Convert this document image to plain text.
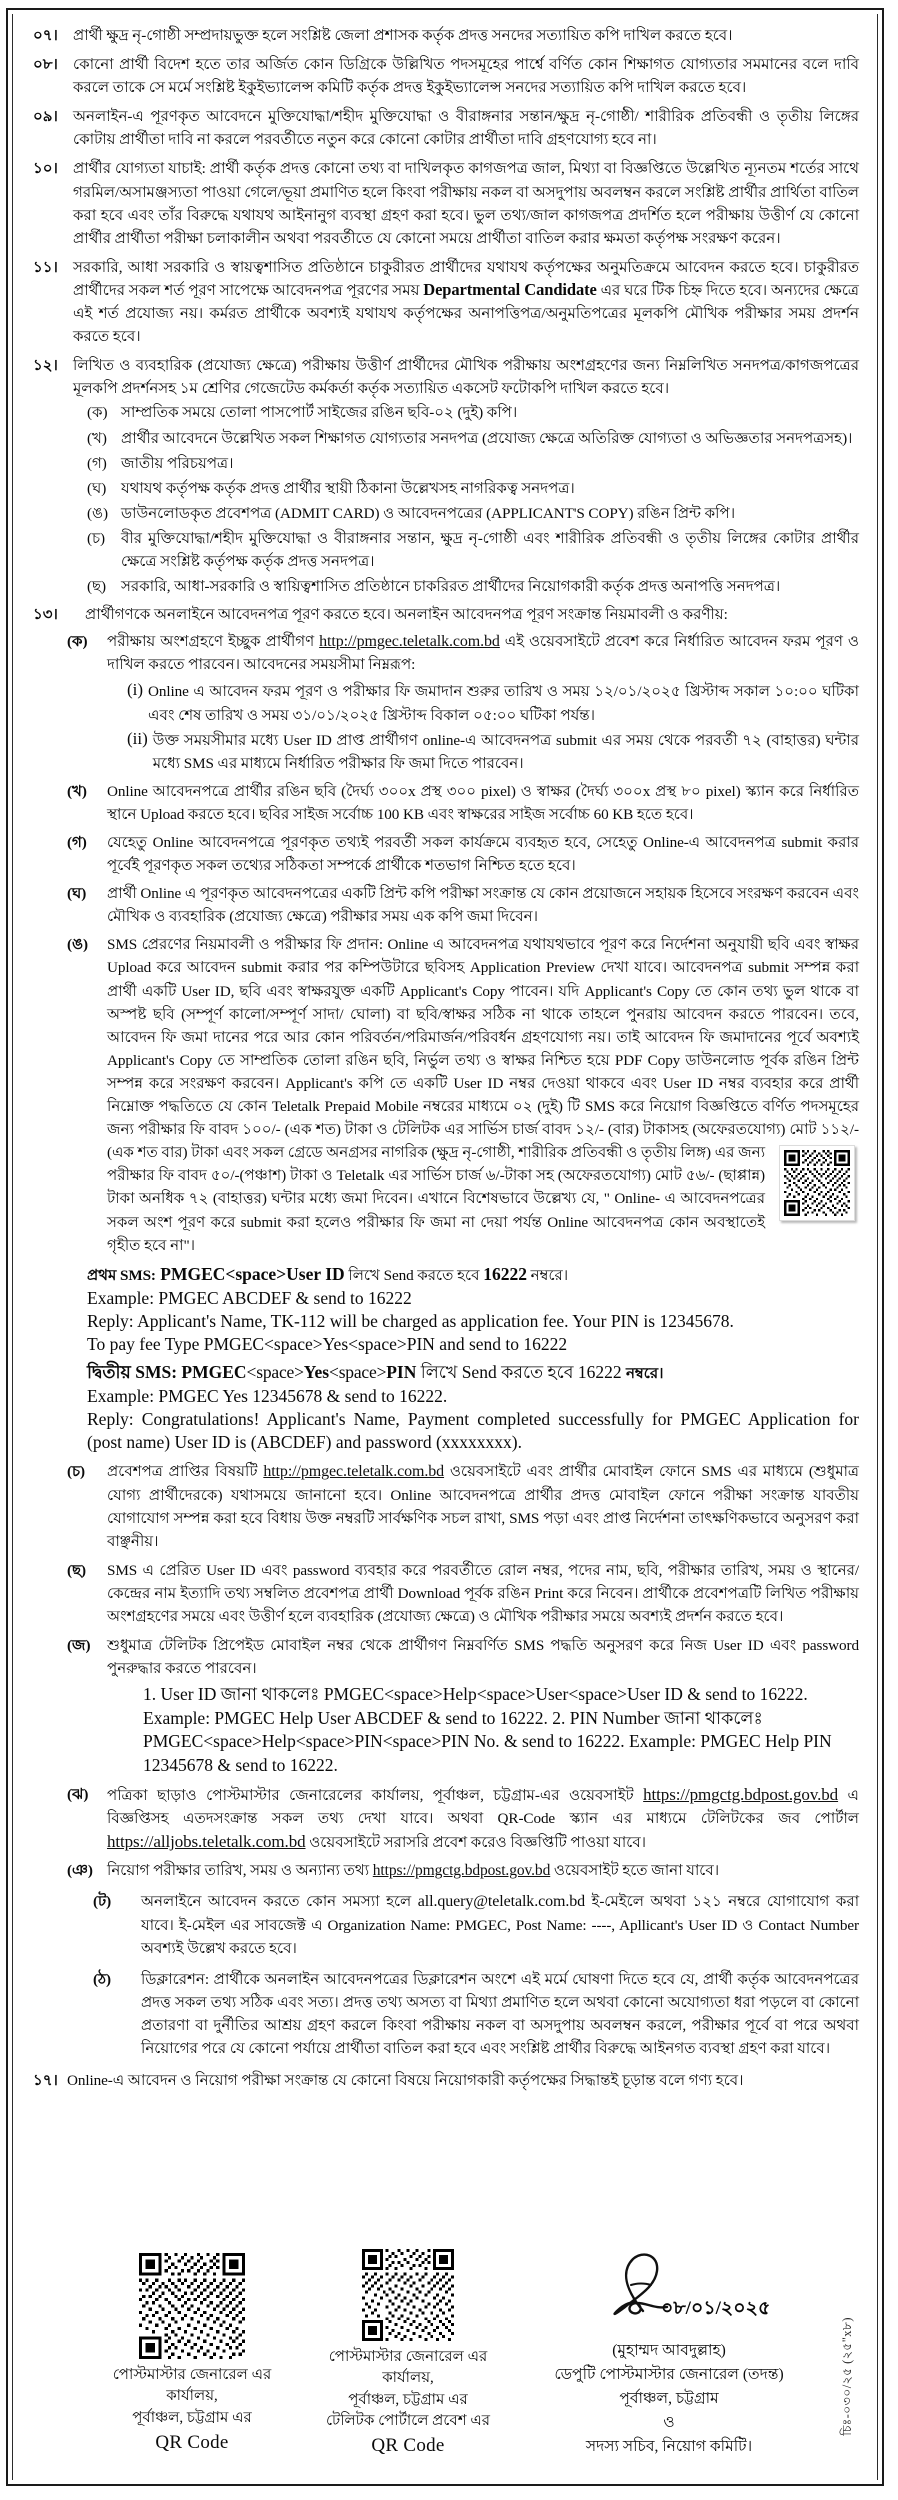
০৭। প্রার্থী ক্ষুদ্র নৃ-গোষ্ঠী সম্প্রদায়ভুক্ত হলে সংশ্লিষ্ট জেলা প্রশাসক কর্তৃক প্রদত্ত সনদের সত্যায়িত কপি দাখিল করতে হবে।
০৮। কোনো প্রার্থী বিদেশ হতে তার অর্জিত কোন ডিগ্রিকে উল্লিখিত পদসমূহের পার্শ্বে বর্ণিত কোন শিক্ষাগত যোগ্যতার সমমানের বলে দাবি করলে তাকে সে মর্মে সংশ্লিষ্ট ইকুইভ্যালেন্স কমিটি কর্তৃক প্রদত্ত ইকুইভ্যালেন্স সনদের সত্যায়িত কপি দাখিল করতে হবে।
০৯। অনলাইন-এ পূরণকৃত আবেদনে মুক্তিযোদ্ধা/শহীদ মুক্তিযোদ্ধা ও বীরাঙ্গনার সন্তান/ক্ষুদ্র নৃ-গোষ্ঠী/ শারীরিক প্রতিবন্ধী ও তৃতীয় লিঙ্গের কোটায় প্রার্থীতা দাবি না করলে পরবর্তীতে নতুন করে কোনো কোটার প্রার্থীতা দাবি গ্রহণযোগ্য হবে না।
১০। প্রার্থীর যোগ্যতা যাচাই: প্রার্থী কর্তৃক প্রদত্ত কোনো তথ্য বা দাখিলকৃত কাগজপত্র জাল, মিথ্যা বা বিজ্ঞপ্তিতে উল্লেখিত ন্যূনতম শর্তের সাথে গরমিল/অসামঞ্জস্যতা পাওয়া গেলে/ভূয়া প্রমাণিত হলে কিংবা পরীক্ষায় নকল বা অসদুপায় অবলম্বন করলে সংশ্লিষ্ট প্রার্থীর প্রার্থিতা বাতিল করা হবে এবং তাঁর বিরুদ্ধে যথাযথ আইনানুগ ব্যবস্থা গ্রহণ করা হবে। ভুল তথ্য/জাল কাগজপত্র প্রদর্শিত হলে পরীক্ষায় উত্তীর্ণ যে কোনো প্রার্থীর প্রার্থীতা পরীক্ষা চলাকালীন অথবা পরবর্তীতে যে কোনো সময়ে প্রার্থীতা বাতিল করার ক্ষমতা কর্তৃপক্ষ সংরক্ষণ করেন।
১১। সরকারি, আধা সরকারি ও স্বায়ত্বশাসিত প্রতিষ্ঠানে চাকুরীরত প্রার্থীদের যথাযথ কর্তৃপক্ষের অনুমতিক্রমে আবেদন করতে হবে। চাকুরীরত প্রার্থীদের সকল শর্ত পূরণ সাপেক্ষে আবেদনপত্র পূরণের সময় Departmental Candidate এর ঘরে টিক চিহ্ন দিতে হবে। অন্যদের ক্ষেত্রে এই শর্ত প্রযোজ্য নয়। কর্মরত প্রার্থীকে অবশ্যই যথাযথ কর্তৃপক্ষের অনাপত্তিপত্র/অনুমতিপত্রের মূলকপি মৌখিক পরীক্ষার সময় প্রদর্শন করতে হবে।
১২। লিখিত ও ব্যবহারিক (প্রযোজ্য ক্ষেত্রে) পরীক্ষায় উত্তীর্ণ প্রার্থীদের মৌখিক পরীক্ষায় অংশগ্রহণের জন্য নিম্নলিখিত সনদপত্র/কাগজপত্রের মূলকপি প্রদর্শনসহ ১ম শ্রেণির গেজেটেড কর্মকর্তা কর্তৃক সত্যায়িত একসেট ফটোকপি দাখিল করতে হবে।
(ক) সাম্প্রতিক সময়ে তোলা পাসপোর্ট সাইজের রঙিন ছবি-০২ (দুই) কপি।
(খ) প্রার্থীর আবেদনে উল্লেখিত সকল শিক্ষাগত যোগ্যতার সনদপত্র (প্রযোজ্য ক্ষেত্রে অতিরিক্ত যোগ্যতা ও অভিজ্ঞতার সনদপত্রসহ)।
(গ) জাতীয় পরিচয়পত্র।
(ঘ) যথাযথ কর্তৃপক্ষ কর্তৃক প্রদত্ত প্রার্থীর স্থায়ী ঠিকানা উল্লেখসহ নাগরিকত্ব সনদপত্র।
(ঙ) ডাউনলোডকৃত প্রবেশপত্র (ADMIT CARD) ও আবেদনপত্রের (APPLICANT'S COPY) রঙিন প্রিন্ট কপি।
(চ)	বীর মুক্তিযোদ্ধা/শহীদ মুক্তিযোদ্ধা ও বীরাঙ্গনার সন্তান, ক্ষুদ্র নৃ-গোষ্ঠী এবং শারীরিক প্রতিবন্ধী ও তৃতীয় লিঙ্গের কোটার প্রার্থীর ক্ষেত্রে সংশ্লিষ্ট কর্তৃপক্ষ কর্তৃক প্রদত্ত সনদপত্র।
(ছ) সরকারি, আধা-সরকারি ও স্বায়িত্বশাসিত প্রতিষ্ঠানে চাকরিরত প্রার্থীদের নিয়োগকারী কর্তৃক প্রদত্ত অনাপত্তি সনদপত্র।
১৩।	প্রার্থীগণকে অনলাইনে আবেদনপত্র পূরণ করতে হবে। অনলাইন আবেদনপত্র পূরণ সংক্রান্ত নিয়মাবলী ও করণীয়:
(ক)	পরীক্ষায় অংশগ্রহণে ইচ্ছুক প্রার্থীগণ http://pmgec.teletalk.com.bd এই ওয়েবসাইটে প্রবেশ করে নির্ধারিত আবেদন ফরম পূরণ ও দাখিল করতে পারবেন। আবেদনের সময়সীমা নিম্নরূপ:
(i) Online এ আবেদন ফরম পূরণ ও পরীক্ষার ফি জমাদান শুরুর তারিখ ও সময় ১২/০১/২০২৫ খ্রিস্টাব্দ সকাল ১০:০০ ঘটিকা এবং শেষ তারিখ ও সময় ৩১/০১/২০২৫ খ্রিস্টাব্দ বিকাল ০৫:০০ ঘটিকা পর্যন্ত।
(ii) উক্ত সময়সীমার মধ্যে User ID প্রাপ্ত প্রার্থীগণ online-এ আবেদনপত্র submit এর সময় থেকে পরবর্তী ৭২ (বাহাত্তর) ঘন্টার মধ্যে SMS এর মাধ্যমে নির্ধারিত পরীক্ষার ফি জমা দিতে পারবেন।
(খ)	Online আবেদনপত্রে প্রার্থীর রঙিন ছবি (দৈর্ঘ্য ৩০০x প্রস্থ ৩০০ pixel) ও স্বাক্ষর (দৈর্ঘ্য ৩০০x প্রস্থ ৮০ pixel) স্ক্যান করে নির্ধারিত স্থানে Upload করতে হবে। ছবির সাইজ সর্বোচ্চ 100 KB এবং স্বাক্ষরের সাইজ সর্বোচ্চ 60 KB হতে হবে।
(গ)	যেহেতু Online আবেদনপত্রে পূরণকৃত তথ্যই পরবর্তী সকল কার্যক্রমে ব্যবহৃত হবে, সেহেতু Online-এ আবেদনপত্র submit করার পূর্বেই পূরণকৃত সকল তথ্যের সঠিকতা সম্পর্কে প্রার্থীকে শতভাগ নিশ্চিত হতে হবে।
(ঘ)	প্রার্থী Online এ পূরণকৃত আবেদনপত্রের একটি প্রিন্ট কপি পরীক্ষা সংক্রান্ত যে কোন প্রয়োজনে সহায়ক হিসেবে সংরক্ষণ করবেন এবং মৌখিক ও ব্যবহারিক (প্রযোজ্য ক্ষেত্রে) পরীক্ষার সময় এক কপি জমা দিবেন।
(ঙ)	SMS প্রেরণের নিয়মাবলী ও পরীক্ষার ফি প্রদান: Online এ আবেদনপত্র যথাযথভাবে পূরণ করে নির্দেশনা অনুযায়ী ছবি এবং স্বাক্ষর Upload করে আবেদন submit করার পর কম্পিউটারে ছবিসহ Application Preview দেখা যাবে। আবেদনপত্র submit সম্পন্ন করা প্রার্থী একটি User ID, ছবি এবং স্বাক্ষরযুক্ত একটি Applicant's Copy পাবেন। যদি Applicant's Copy তে কোন তথ্য ভুল থাকে বা অস্পষ্ট ছবি (সম্পূর্ণ কালো/সম্পূর্ণ সাদা/ ঘোলা) বা ছবি/স্বাক্ষর সঠিক না থাকে তাহলে পুনরায় আবেদন করতে পারবেন। তবে, আবেদন ফি জমা দানের পরে আর কোন পরিবর্তন/পরিমার্জন/পরিবর্ধন গ্রহণযোগ্য নয়। তাই আবেদন ফি জমাদানের পূর্বে অবশ্যই Applicant's Copy তে সাম্প্রতিক তোলা রঙিন ছবি, নির্ভুল তথ্য ও স্বাক্ষর নিশ্চিত হয়ে PDF Copy ডাউনলোড পূর্বক রঙিন প্রিন্ট সম্পন্ন করে সংরক্ষণ করবেন। Applicant's কপি তে একটি User ID নম্বর দেওয়া থাকবে এবং User ID নম্বর ব্যবহার করে প্রার্থী নিম্নোক্ত পদ্ধতিতে যে কোন Teletalk Prepaid Mobile নম্বরের মাধ্যমে ০২ (দুই) টি SMS করে নিয়োগ বিজ্ঞপ্তিতে বর্ণিত পদসমূহের জন্য পরীক্ষার ফি বাবদ ১০০/- (এক শত) টাকা ও টেলিটক এর সার্ভিস চার্জ বাবদ ১২/- (বার) টাকাসহ (অফেরতযোগ্য) মোট ১১২/- (এক শত বার) টাকা এবং সকল গ্রেডে অনগ্রসর নাগরিক (ক্ষুদ্র নৃ-গোষ্ঠী, শারীরিক প্রতিবন্ধী ও তৃতীয় লিঙ্গ) এর জন্য পরীক্ষার ফি বাবদ ৫০/-(পঞ্চাশ) টাকা ও Teletalk এর সার্ভিস চার্জ ৬/-টাকা সহ (অফেরতযোগ্য) মোট ৫৬/- (ছাপ্পান্ন) টাকা অনধিক ৭২ (বাহাত্তর) ঘন্টার মধ্যে জমা দিবেন। এখানে বিশেষভাবে উল্লেখ্য যে, " Online- এ আবেদনপত্রের সকল অংশ পূরণ করে submit করা হলেও পরীক্ষার ফি জমা না দেয়া পর্যন্ত Online আবেদনপত্র কোন অবস্থাতেই গৃহীত হবে না"।
প্রথম SMS: PMGEC<space>User ID লিখে Send করতে হবে 16222 নম্বরে।
Example: PMGEC ABCDEF & send to 16222
Reply: Applicant's Name, TK-112 will be charged as application fee. Your PIN is 12345678.
To pay fee Type PMGEC<space>Yes<space>PIN and send to 16222
দ্বিতীয় SMS: PMGEC<space>Yes<space>PIN লিখে Send করতে হবে 16222 নম্বরে।
Example: PMGEC Yes 12345678 & send to 16222.
Reply: Congratulations! Applicant's Name, Payment completed successfully for PMGEC Application for (post name) User ID is (ABCDEF) and password (xxxxxxxx).
(চ)	প্রবেশপত্র প্রাপ্তির বিষয়টি http://pmgec.teletalk.com.bd ওয়েবসাইটে এবং প্রার্থীর মোবাইল ফোনে SMS এর মাধ্যমে (শুধুমাত্র যোগ্য প্রার্থীদেরকে) যথাসময়ে জানানো হবে। Online আবেদনপত্রে প্রার্থীর প্রদত্ত মোবাইল ফোনে পরীক্ষা সংক্রান্ত যাবতীয় যোগাযোগ সম্পন্ন করা হবে বিধায় উক্ত নম্বরটি সার্বক্ষণিক সচল রাখা, SMS পড়া এবং প্রাপ্ত নির্দেশনা তাৎক্ষণিকভাবে অনুসরণ করা বাঞ্ছনীয়।
(ছ)	SMS এ প্রেরিত User ID এবং password ব্যবহার করে পরবর্তীতে রোল নম্বর, পদের নাম, ছবি, পরীক্ষার তারিখ, সময় ও স্থানের/কেন্দ্রের নাম ইত্যাদি তথ্য সম্বলিত প্রবেশপত্র প্রার্থী Download পূর্বক রঙিন Print করে নিবেন। প্রার্থীকে প্রবেশপত্রটি লিখিত পরীক্ষায় অংশগ্রহণের সময়ে এবং উত্তীর্ণ হলে ব্যবহারিক (প্রযোজ্য ক্ষেত্রে) ও মৌখিক পরীক্ষার সময়ে অবশ্যই প্রদর্শন করতে হবে।
(জ)	শুধুমাত্র টেলিটক প্রিপেইড মোবাইল নম্বর থেকে প্রার্থীগণ নিম্নবর্ণিত SMS পদ্ধতি অনুসরণ করে নিজ User ID এবং password পুনরুদ্ধার করতে পারবেন।
1. User ID জানা থাকলেঃ PMGEC<space>Help<space>User<space>User ID & send to 16222. Example: PMGEC Help User ABCDEF & send to 16222. 2. PIN Number জানা থাকলেঃ PMGEC<space>Help<space>PIN<space>PIN No. & send to 16222. Example: PMGEC Help PIN 12345678 & send to 16222.
(ঝ)	পত্রিকা ছাড়াও পোস্টমাস্টার জেনারেলের কার্যালয়, পূর্বাঞ্চল, চট্টগ্রাম-এর ওয়েবসাইট https://pmgctg.bdpost.gov.bd এ বিজ্ঞপ্তিসহ এতদসংক্রান্ত সকল তথ্য দেখা যাবে। অথবা QR-Code স্ক্যান এর মাধ্যমে টেলিটকের জব পোর্টাল https://alljobs.teletalk.com.bd ওয়েবসাইটে সরাসরি প্রবেশ করেও বিজ্ঞপ্তিটি পাওয়া যাবে।
(ঞ) নিয়োগ পরীক্ষার তারিখ, সময় ও অন্যান্য তথ্য https://pmgctg.bdpost.gov.bd ওয়েবসাইট হতে জানা যাবে।
(ট)	অনলাইনে আবেদন করতে কোন সমস্যা হলে all.query@teletalk.com.bd ই-মেইলে অথবা ১২১ নম্বরে যোগাযোগ করা যাবে। ই-মেইল এর সাবজেক্ট এ Organization Name: PMGEC, Post Name: ----, Apllicant's User ID ও Contact Number অবশ্যই উল্লেখ করতে হবে।
(ঠ)	ডিক্লারেশন: প্রার্থীকে অনলাইন আবেদনপত্রের ডিক্লারেশন অংশে এই মর্মে ঘোষণা দিতে হবে যে, প্রার্থী কর্তৃক আবেদনপত্রের প্রদত্ত সকল তথ্য সঠিক এবং সত্য। প্রদত্ত তথ্য অসত্য বা মিথ্যা প্রমাণিত হলে অথবা কোনো অযোগ্যতা ধরা পড়লে বা কোনো প্রতারণা বা দুর্নীতির আশ্রয় গ্রহণ করলে কিংবা পরীক্ষায় নকল বা অসদুপায় অবলম্বন করলে, পরীক্ষার পূর্বে বা পরে অথবা নিয়োগের পরে যে কোনো পর্যায়ে প্রার্থীতা বাতিল করা হবে এবং সংশ্লিষ্ট প্রার্থীর বিরুদ্ধে আইনগত ব্যবস্থা গ্রহণ করা যাবে।
১৭। Online-এ আবেদন ও নিয়োগ পরীক্ষা সংক্রান্ত যে কোনো বিষয়ে নিয়োগকারী কর্তৃপক্ষের সিদ্ধান্তই চূড়ান্ত বলে গণ্য হবে।
পোস্টমাস্টার জেনারেল এর
কার্যালয়,
পূর্বাঞ্চল, চট্টগ্রাম এর
QR Code
পোস্টমাস্টার জেনারেল এর
কার্যালয়,
পূর্বাঞ্চল, চট্টগ্রাম এর
টেলিটক পোর্টালে প্রবেশ এর
QR Code
০৮/০১/২০২৫
(মুহাম্মদ আবদুল্লাহ)
ডেপুটি পোস্টমাস্টার জেনারেল (তদন্ত)
পূর্বাঞ্চল, চট্টগ্রাম
ও
সদস্য সচিব, নিয়োগ কমিটি।
চিঃ-০৩০/২৫ (২৫"x৮)
